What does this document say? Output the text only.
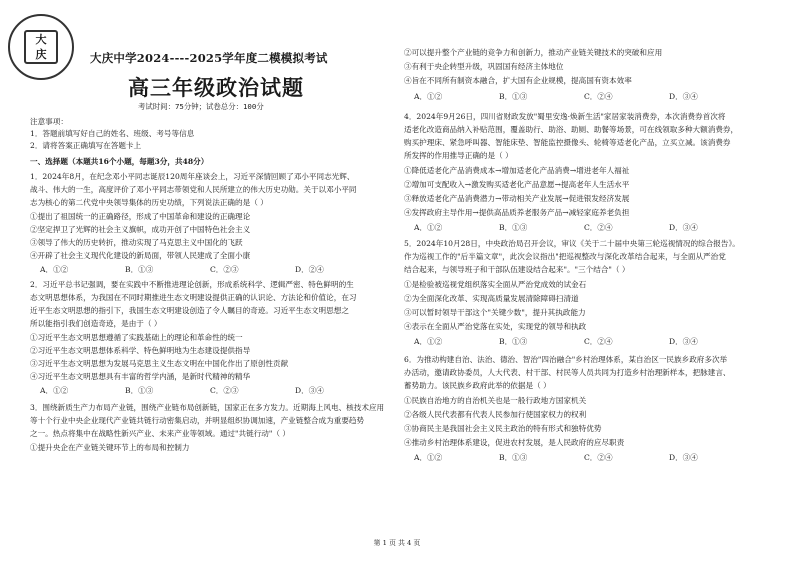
大
庆	大庆中学2024----2025学年度二模模拟考试
高三年级政治试题
考试时间：75分钟；试卷总分：100分
注意事项：
1．答题前填写好自己的姓名、班级、考号等信息
2．请将答案正确填写在答题卡上
一、选择题（本题共16个小题，每题3分，共48分）
1．2024年8月，在纪念邓小平同志诞辰120周年座谈会上，习近平深情回顾了邓小平同志光辉、
战斗、伟大的一生，高度评价了邓小平同志带领党和人民所建立的伟大历史功勋。关于以邓小平同
志为核心的第二代党中央领导集体的历史功绩，下列说法正确的是（ ）
①提出了祖国统一的正确路径，形成了中国革命和建设的正确理论
②坚定捍卫了光辉的社会主义旗帜，成功开创了中国特色社会主义
③领导了伟大的历史转折，推动实现了马克思主义中国化的飞跃
④开辟了社会主义现代化建设的新局面，带领人民建成了全面小康
A．①②	B．①③	C．②③	D．②④
2．习近平总书记强调，要在实践中不断推进理论创新，形成系统科学、逻辑严密、特色鲜明的生
态文明思想体系，为我国在不同时期推进生态文明建设提供正确的认识论、方法论和价值论，在习
近平生态文明思想的指引下，我国生态文明建设创造了令人瞩目的奇迹。习近平生态文明思想之
所以能指引我们创造奇迹，是由于（ ）
①习近平生态文明思想遵循了实践基础上的理论和革命性的统一
②习近平生态文明思想体系科学、特色鲜明地为生态建设提供指导
③习近平生态文明思想为发展马克思主义生态文明在中国化作出了原创性贡献
④习近平生态文明思想具有丰富的哲学内涵，是新时代精神的精华
A．①②	B．①③	C．②③	D．③④
3．围绕新质生产力布局产业链，围绕产业链布局创新链，国家正在多方发力。近期海上风电、核技术应用
等十个行业中央企业现代产业链共链行动密集启动，并明显组织协调加速，产业链整合成为重要趋势
之一。热点将集中在战略性新兴产业、未来产业等领域。通过"共链行动"（ ）
①提升央企在产业链关键环节上的布局和控制力
②可以提升整个产业链的竞争力和创新力，推动产业链关键技术的突破和应用
③有利于央企转型升级，巩固国有经济主体地位
④旨在不同所有制资本融合，扩大国有企业规模，提高国有资本效率
A．①②	B．①③	C．②④	D．③④
4．2024年9月26日，四川省财政发放"蜀里安逸·焕新生活"家居家装消费券，本次消费券首次将
适老化改造商品纳入补贴范围，覆盖助行、助浴、助厕、助餐等场景，可在线领取多种大额消费券，
购买护理床、紧急呼叫器、智能床垫、智能监控摄像头、轮椅等适老化产品，立买立减。该消费券
所发挥的作用推导正确的是（ ）
①降低适老化产品消费成本→增加适老化产品消费→增进老年人福祉
②增加可支配收入→激发购买适老化产品意愿→提高老年人生活水平
③释放适老化产品消费潜力→带动相关产业发展→促进银发经济发展
④发挥政府主导作用→提供高品质养老服务产品→减轻家庭养老负担
A．①②	B．①③	C．②④	D．③④
5．2024年10月28日，中央政治局召开会议，审议《关于二十届中央第三轮巡视情况的综合报告》。
作为巡视工作的"后半篇文章"，此次会议指出"把巡视整改与深化改革结合起来，与全面从严治党
结合起来，与领导班子和干部队伍建设结合起来"。"三个结合"（ ）
①是检验被巡视党组织落实全面从严治党成效的试金石
②为全面深化改革、实现高质量发展清除障碍扫清道
③可以暂时领导干部这个"关键少数"，提升其执政能力
④表示在全面从严治党落在实处，实现党的领导和执政
A．①②	B．①③	C．②④	D．③④
6．为推动构建自治、法治、德治、智治"四治融合"乡村治理体系，某自治区一民族乡政府多次举
办活动，邀请政协委员，人大代表、村干部、村民等人员共同为打造乡村治理新样本，把脉建言、
蓄势助力。该民族乡政府此举的依据是（ ）
①民族自治地方的自治机关也是一般行政地方国家机关
②各级人民代表都有代表人民参加行使国家权力的权利
③协商民主是我国社会主义民主政治的特有形式和独特优势
④推动乡村治理体系建设，促进农村发展，是人民政府的应尽职责
A．①②	B．①③	C．②④	D．③④
第 1 页 共 4 页
